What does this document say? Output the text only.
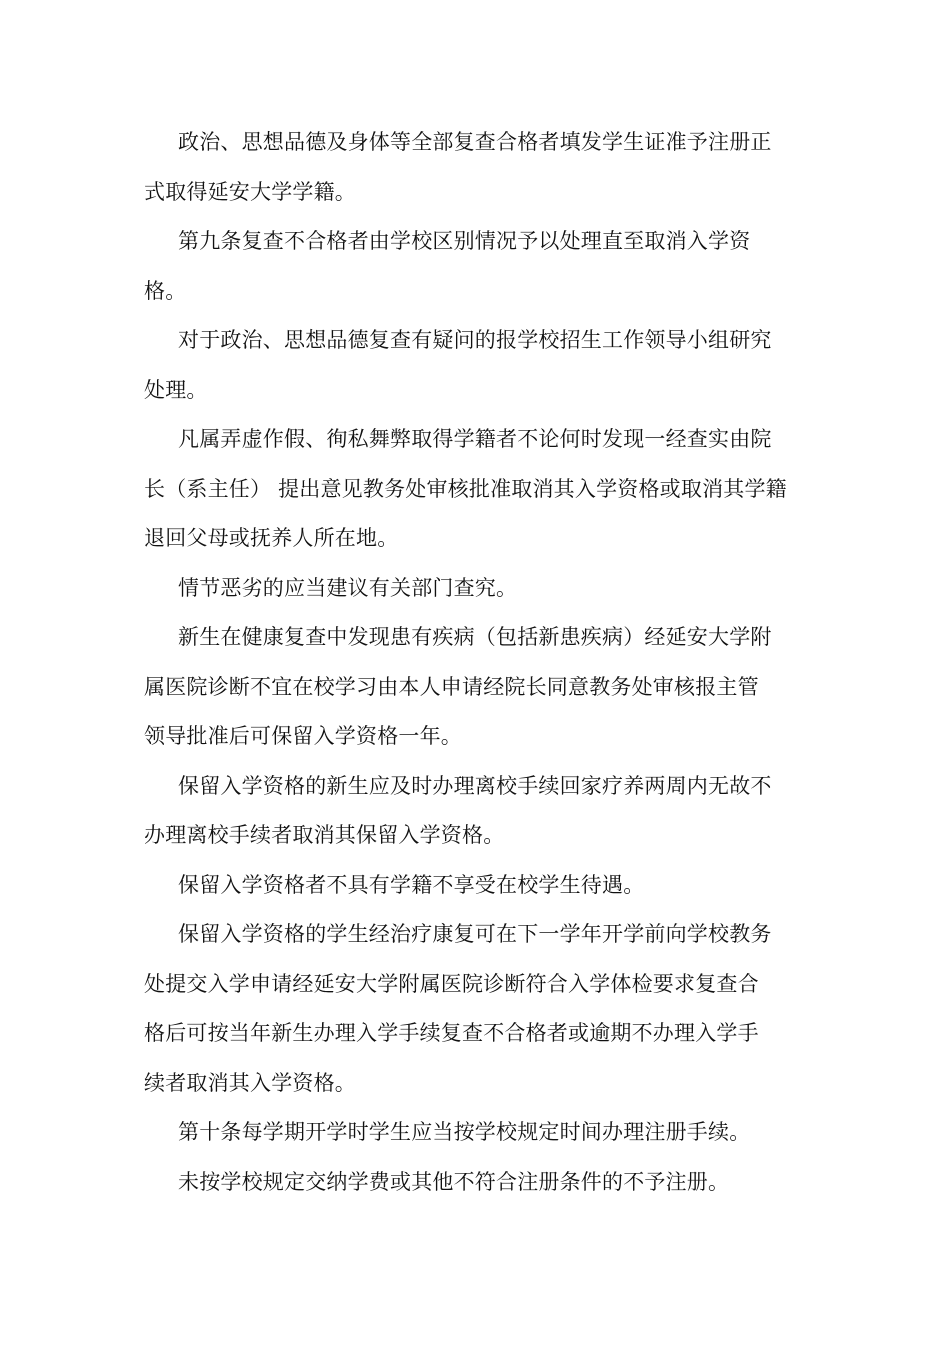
政治、思想品德及身体等全部复查合格者填发学生证准予注册正
式取得延安大学学籍。

第九条复查不合格者由学校区别情况予以处理直至取消入学资
格。

对于政治、思想品德复查有疑问的报学校招生工作领导小组研究
处理。

凡属弄虚作假、徇私舞弊取得学籍者不论何时发现一经查实由院
长（系主任） 提出意见教务处审核批准取消其入学资格或取消其学籍
退回父母或抚养人所在地。

情节恶劣的应当建议有关部门查究。

新生在健康复查中发现患有疾病（包括新患疾病）经延安大学附
属医院诊断不宜在校学习由本人申请经院长同意教务处审核报主管
领导批准后可保留入学资格一年。

保留入学资格的新生应及时办理离校手续回家疗养两周内无故不
办理离校手续者取消其保留入学资格。

保留入学资格者不具有学籍不享受在校学生待遇。

保留入学资格的学生经治疗康复可在下一学年开学前向学校教务
处提交入学申请经延安大学附属医院诊断符合入学体检要求复查合
格后可按当年新生办理入学手续复查不合格者或逾期不办理入学手
续者取消其入学资格。

第十条每学期开学时学生应当按学校规定时间办理注册手续。

未按学校规定交纳学费或其他不符合注册条件的不予注册。
